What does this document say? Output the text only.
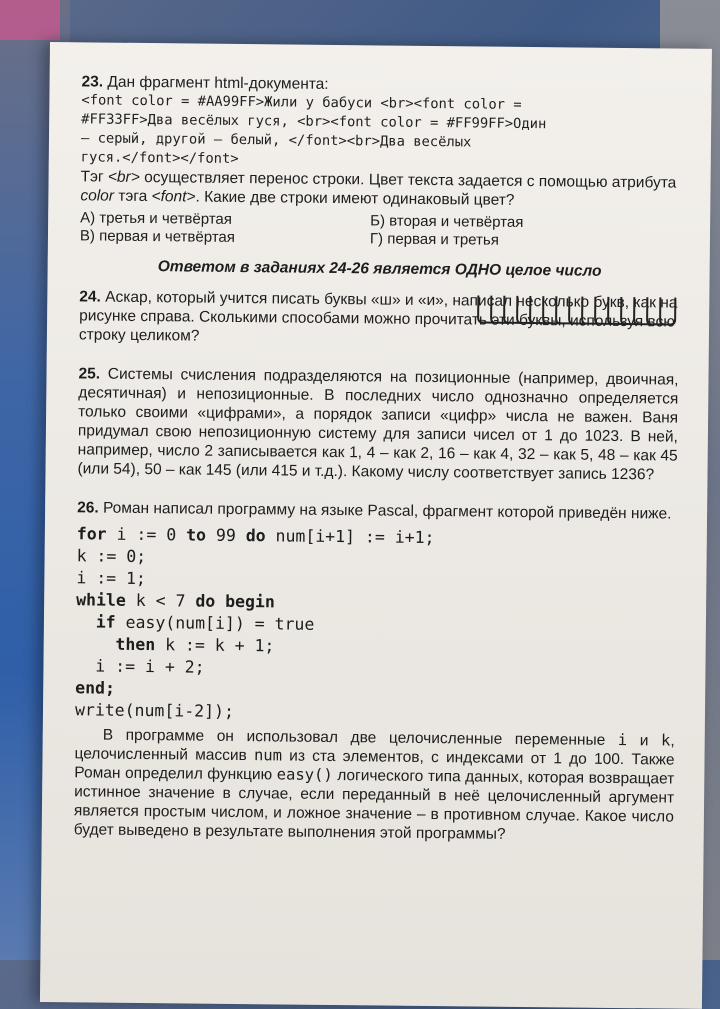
23. Дан фрагмент html-документа:

<font color = #AA99FF>Жили у бабуси <br><font color =
#FF33FF>Два весёлых гуся, <br><font color = #FF99FF>Один
– серый, другой – белый, </font><br>Два весёлых
гуся.</font></font>

Тэг <br> осуществляет перенос строки. Цвет текста задается с помощью атрибута color тэга <font>. Какие две строки имеют одинаковый цвет?

А) третья и четвёртая	Б) вторая и четвёртая
В) первая и четвёртая	Г) первая и третья
Ответом в заданиях 24-26 является ОДНО целое число

24. Аскар, который учится писать буквы «ш» и «и», написал несколько букв, как на рисунке справа. Сколькими способами можно прочитать эти буквы, используя всю строку целиком?

25. Системы счисления подразделяются на позиционные (например, двоичная, десятичная) и непозиционные. В последних число однозначно определяется только своими «цифрами», а порядок записи «цифр» числа не важен. Ваня придумал свою непозиционную систему для записи чисел от 1 до 1023. В ней, например, число 2 записывается как 1, 4 – как 2, 16 – как 4, 32 – как 5, 48 – как 45 (или 54), 50 – как 145 (или 415 и т.д.). Какому числу соответствует запись 1236?

26. Роман написал программу на языке Pascal, фрагмент которой приведён ниже.

for i := 0 to 99 do num[i+1] := i+1;
k := 0;
i := 1;
while k < 7 do begin
if easy(num[i]) = true
then k := k + 1;
i := i + 2;
end;
write(num[i-2]);

В программе он использовал две целочисленные переменные i и k, целочисленный массив num из ста элементов, с индексами от 1 до 100. Также Роман определил функцию easy() логического типа данных, которая возвращает истинное значение в случае, если переданный в неё целочисленный аргумент является простым числом, и ложное значение – в противном случае. Какое число будет выведено в результате выполнения этой программы?
